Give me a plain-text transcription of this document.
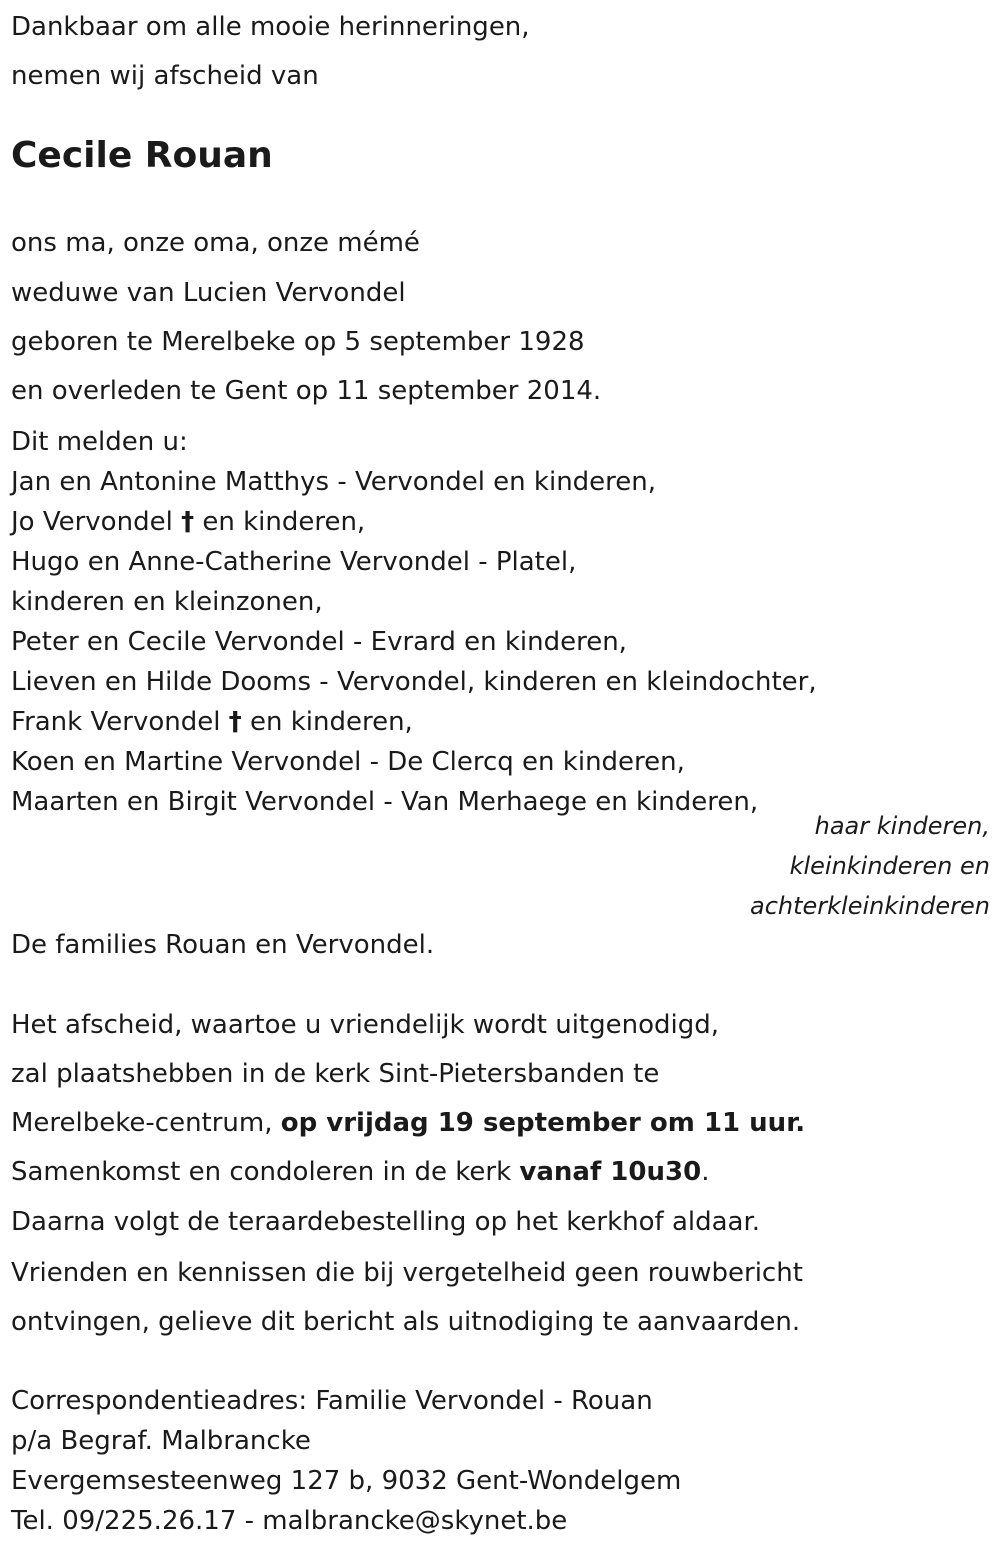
Dankbaar om alle mooie herinneringen,
nemen wij afscheid van
Cecile Rouan
ons ma, onze oma, onze mémé
weduwe van Lucien Vervondel
geboren te Merelbeke op 5 september 1928
en overleden te Gent op 11 september 2014.
Dit melden u:
Jan en Antonine Matthys - Vervondel en kinderen,
Jo Vervondel † en kinderen,
Hugo en Anne-Catherine Vervondel - Platel,
kinderen en kleinzonen,
Peter en Cecile Vervondel - Evrard en kinderen,
Lieven en Hilde Dooms - Vervondel, kinderen en kleindochter,
Frank Vervondel † en kinderen,
Koen en Martine Vervondel - De Clercq en kinderen,
Maarten en Birgit Vervondel - Van Merhaege en kinderen,
haar kinderen,
kleinkinderen en
achterkleinkinderen
De families Rouan en Vervondel.
Het afscheid, waartoe u vriendelijk wordt uitgenodigd,
zal plaatshebben in de kerk Sint-Pietersbanden te
Merelbeke-centrum, op vrijdag 19 september om 11 uur.
Samenkomst en condoleren in de kerk vanaf 10u30.
Daarna volgt de teraardebestelling op het kerkhof aldaar.
Vrienden en kennissen die bij vergetelheid geen rouwbericht
ontvingen, gelieve dit bericht als uitnodiging te aanvaarden.
Correspondentieadres: Familie Vervondel - Rouan
p/a Begraf. Malbrancke
Evergemsesteenweg 127 b, 9032 Gent-Wondelgem
Tel. 09/225.26.17 - malbrancke@skynet.be
